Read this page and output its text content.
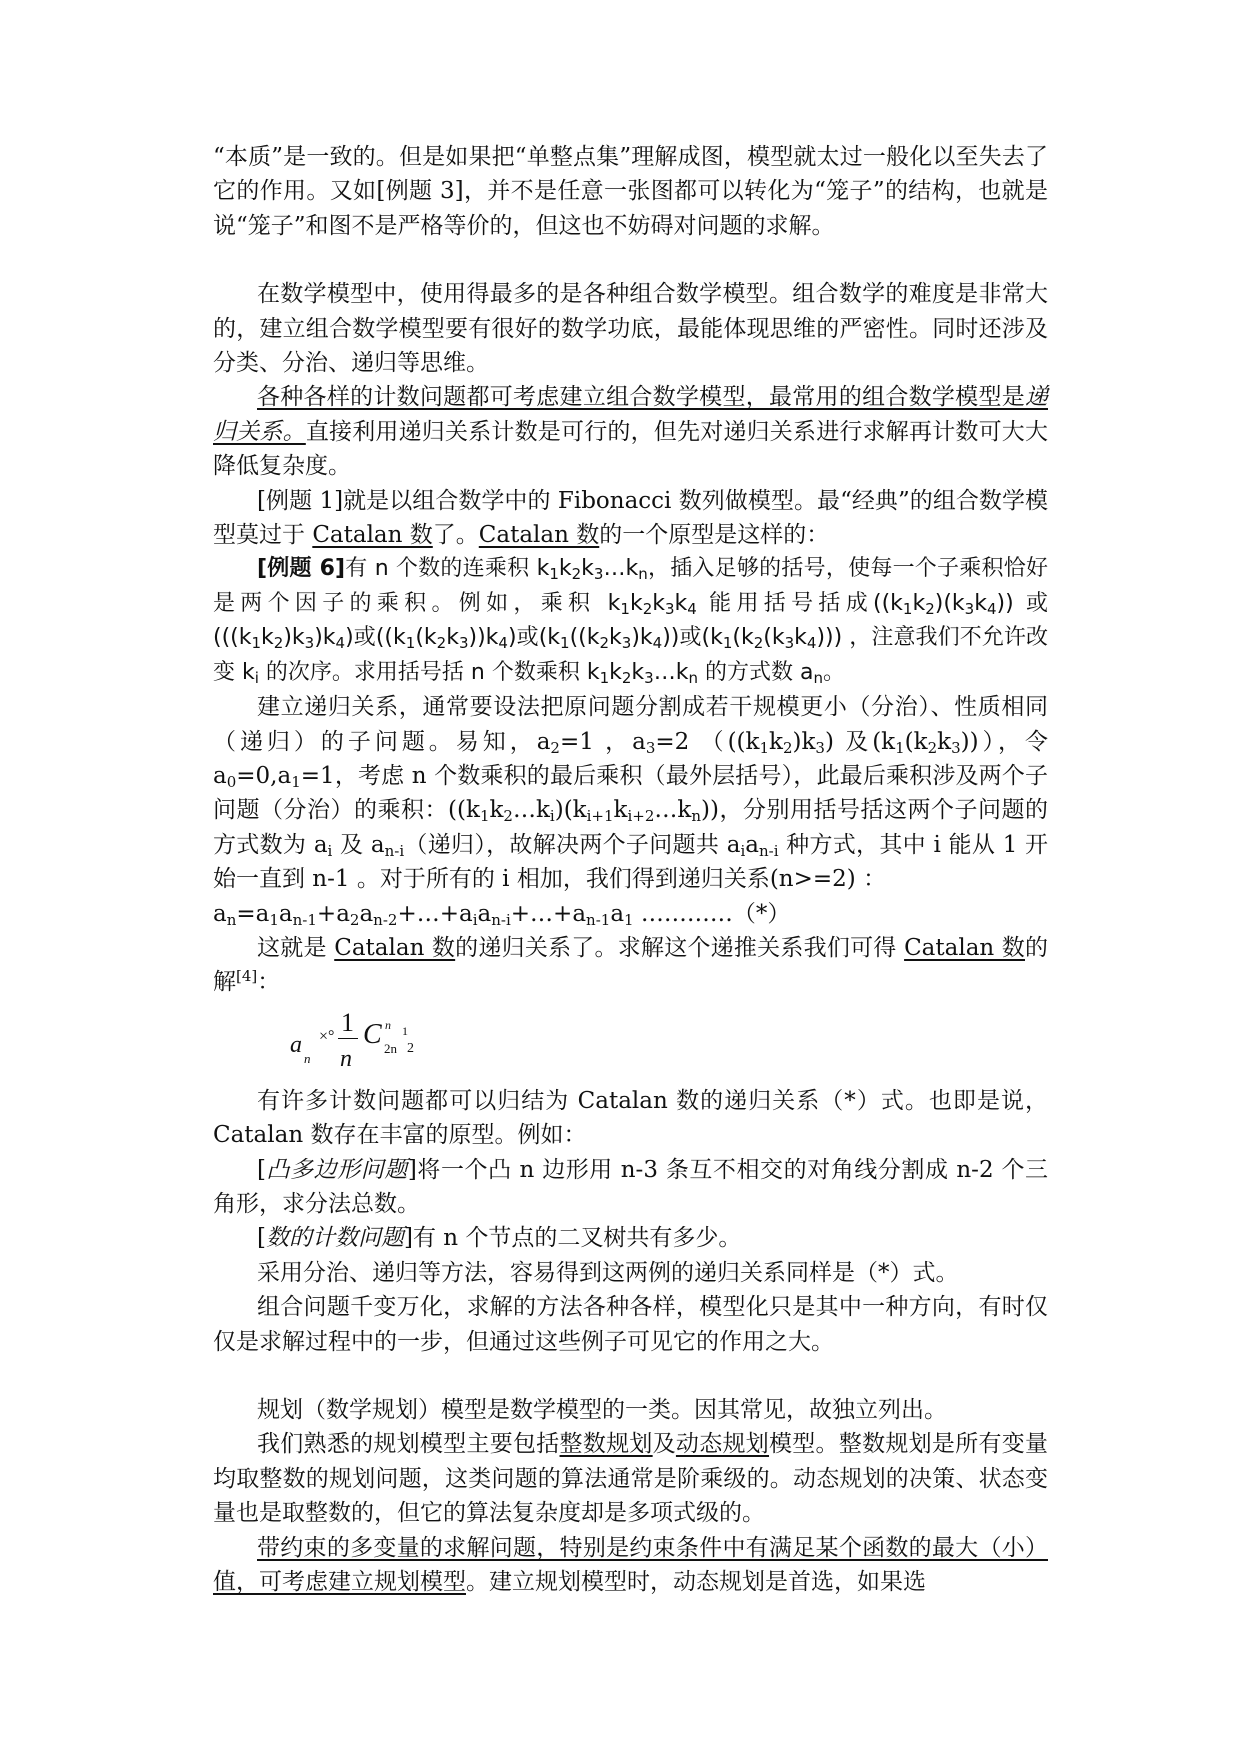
“本质”是一致的。但是如果把“单整点集”理解成图，模型就太过一般化以至失去了它的作用。又如[例题 3]，并不是任意一张图都可以转化为“笼子”的结构，也就是说“笼子”和图不是严格等价的，但这也不妨碍对问题的求解。

在数学模型中，使用得最多的是各种组合数学模型。组合数学的难度是非常大的，建立组合数学模型要有很好的数学功底，最能体现思维的严密性。同时还涉及分类、分治、递归等思维。

各种各样的计数问题都可考虑建立组合数学模型，最常用的组合数学模型是递归关系。直接利用递归关系计数是可行的，但先对递归关系进行求解再计数可大大降低复杂度。

[例题 1]就是以组合数学中的 Fibonacci 数列做模型。最“经典”的组合数学模型莫过于 Catalan 数了。Catalan 数的一个原型是这样的：

[例题 6]有 n 个数的连乘积 $k_1k_2k_3\dots k_n$，插入足够的括号，使每一个子乘积恰好是两个因子的乘积。例如，乘积 $k_1k_2k_3k_4$ 能用括号括成$((k_1k_2)(k_3k_4))$ 或$(((k_1k_2)k_3)k_4)$或$((k_1(k_2k_3))k_4)$或$(k_1((k_2k_3)k_4))$或$(k_1(k_2(k_3k_4)))$ ，注意我们不允许改变 $k_i$ 的次序。求用括号括 n 个数乘积 $k_1k_2k_3\dots k_n$ 的方式数 $a_n$。

建立递归关系，通常要设法把原问题分割成若干规模更小（分治）、性质相同（递归）的子问题。易知，$a_2=1$ ，$a_3=2$ （$((k_1k_2)k_3)$ 及$(k_1(k_2k_3))$），令 $a_0=0,a_1=1$，考虑 n 个数乘积的最后乘积（最外层括号），此最后乘积涉及两个子问题（分治）的乘积：$((k_1k_2\dots k_i)(k_{i+1}k_{i+2}\dots k_n))$，分别用括号括这两个子问题的方式数为 $a_i$ 及 $a_{n-i}$（递归），故解决两个子问题共 $a_ia_{n-i}$ 种方式，其中 i 能从 1 开始一直到 n-1 。对于所有的 i 相加，我们得到递归关系(n>=2) ：

$a_n=a_1a_{n-1}+a_2a_{n-2}+\dots+a_ia_{n-i}+\dots+a_{n-1}a_1$ …………（*）

这就是 Catalan 数的递归关系了。求解这个递推关系我们可得 Catalan 数的解[4]：

a
n
×° 1
n
C n
2n
1
2

有许多计数问题都可以归结为 Catalan 数的递归关系（*）式。也即是说，Catalan 数存在丰富的原型。例如：

[凸多边形问题]将一个凸 n 边形用 n-3 条互不相交的对角线分割成 n-2 个三角形，求分法总数。

[数的计数问题]有 n 个节点的二叉树共有多少。

采用分治、递归等方法，容易得到这两例的递归关系同样是（*）式。

组合问题千变万化，求解的方法各种各样，模型化只是其中一种方向，有时仅仅是求解过程中的一步，但通过这些例子可见它的作用之大。

规划（数学规划）模型是数学模型的一类。因其常见，故独立列出。

我们熟悉的规划模型主要包括整数规划及动态规划模型。整数规划是所有变量均取整数的规划问题，这类问题的算法通常是阶乘级的。动态规划的决策、状态变量也是取整数的，但它的算法复杂度却是多项式级的。

带约束的多变量的求解问题，特别是约束条件中有满足某个函数的最大（小）值，可考虑建立规划模型。建立规划模型时，动态规划是首选，如果选
